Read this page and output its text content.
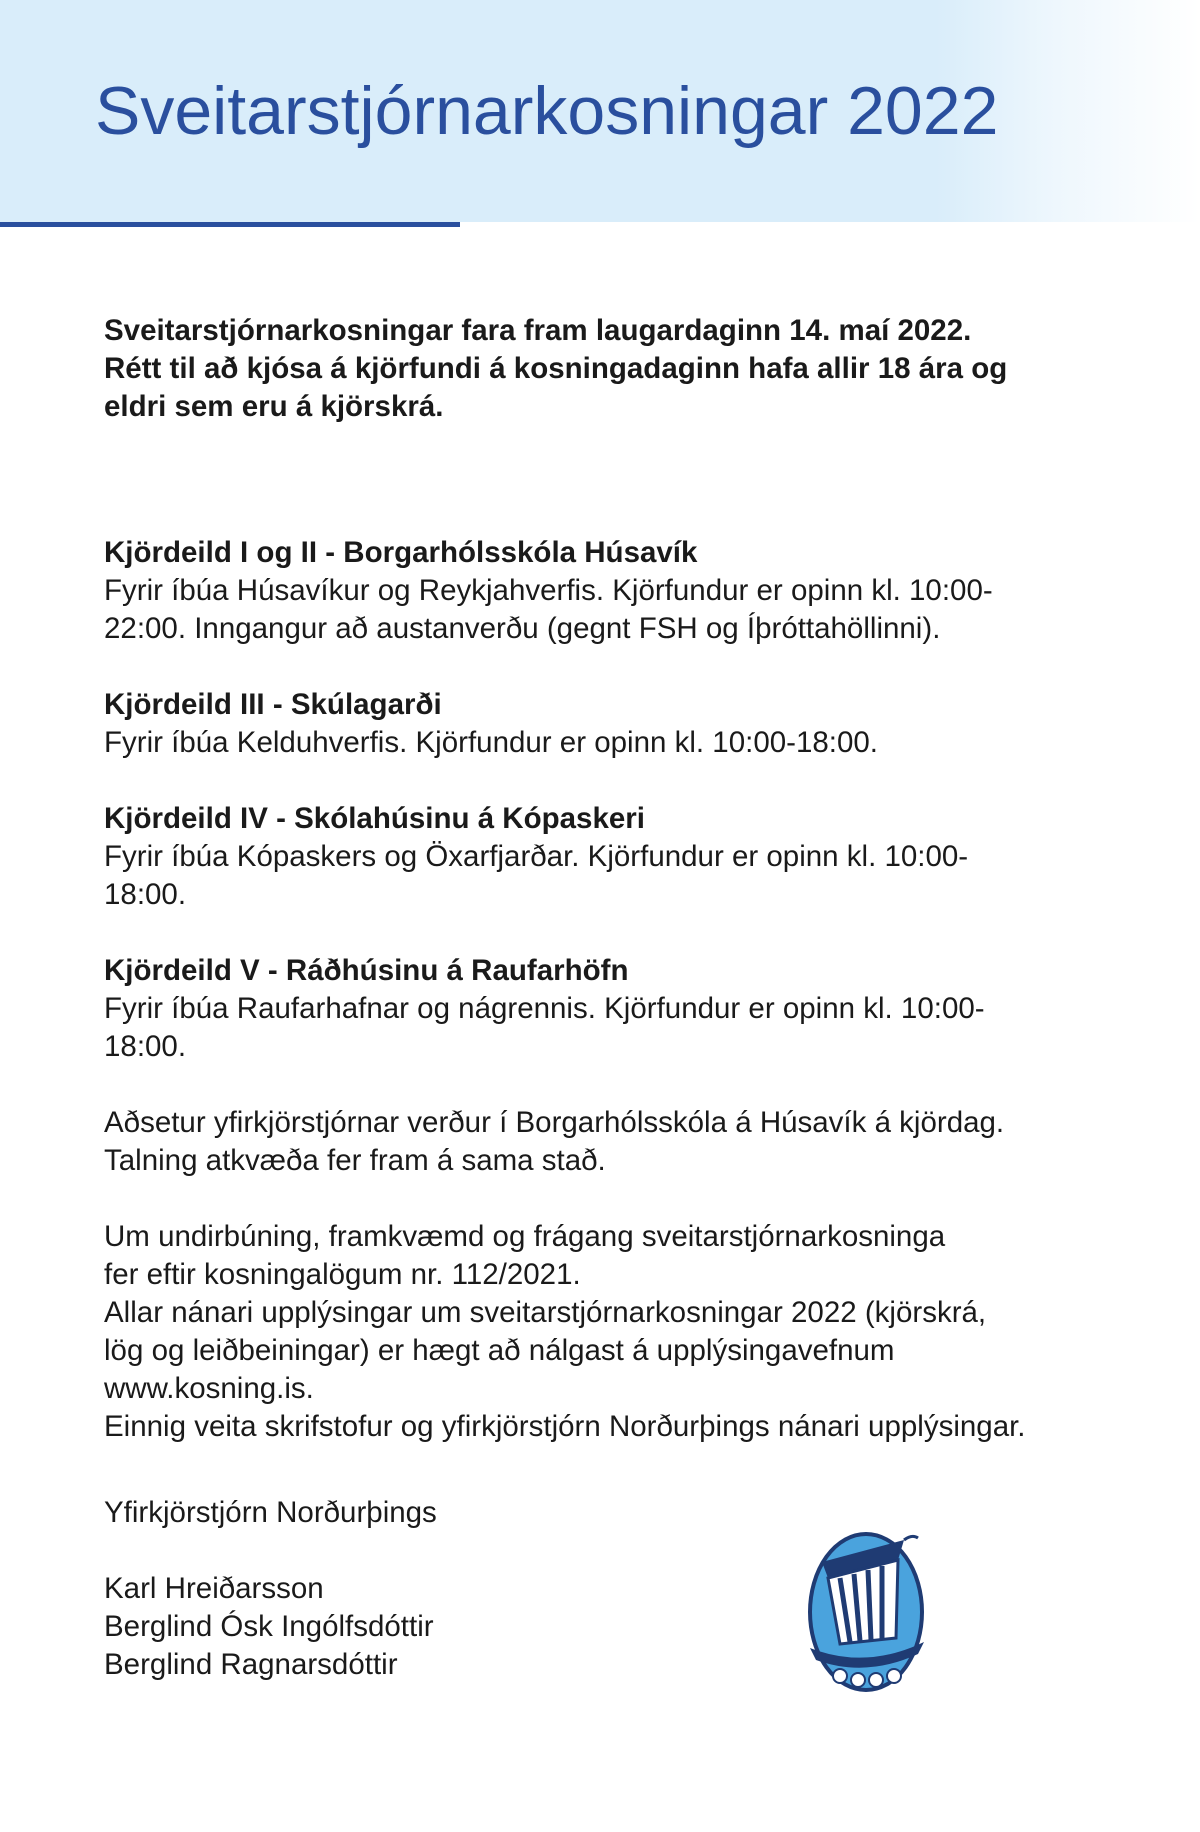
Sveitarstjórnarkosningar 2022

Sveitarstjórnarkosningar fara fram laugardaginn 14. maí 2022.

Rétt til að kjósa á kjörfundi á kosningadaginn hafa allir 18 ára og

eldri sem eru á kjörskrá.

Kjördeild I og II - Borgarhólsskóla Húsavík

Fyrir íbúa Húsavíkur og Reykjahverfis. Kjörfundur er opinn kl. 10:00-

22:00. Inngangur að austanverðu (gegnt FSH og Íþróttahöllinni).

Kjördeild III - Skúlagarði

Fyrir íbúa Kelduhverfis. Kjörfundur er opinn kl. 10:00-18:00.

Kjördeild IV - Skólahúsinu á Kópaskeri

Fyrir íbúa Kópaskers og Öxarfjarðar. Kjörfundur er opinn kl. 10:00-

18:00.

Kjördeild V - Ráðhúsinu á Raufarhöfn

Fyrir íbúa Raufarhafnar og nágrennis. Kjörfundur er opinn kl. 10:00-

18:00.

Aðsetur yfirkjörstjórnar verður í Borgarhólsskóla á Húsavík á kjördag.

Talning atkvæða fer fram á sama stað.

Um undirbúning, framkvæmd og frágang sveitarstjórnarkosninga

fer eftir kosningalögum nr. 112/2021.

Allar nánari upplýsingar um sveitarstjórnarkosningar 2022 (kjörskrá,

lög og leiðbeiningar) er hægt að nálgast á upplýsingavefnum

www.kosning.is.

Einnig veita skrifstofur og yfirkjörstjórn Norðurþings nánari upplýsingar.

Yfirkjörstjórn Norðurþings

Karl Hreiðarsson

Berglind Ósk Ingólfsdóttir

Berglind Ragnarsdóttir
